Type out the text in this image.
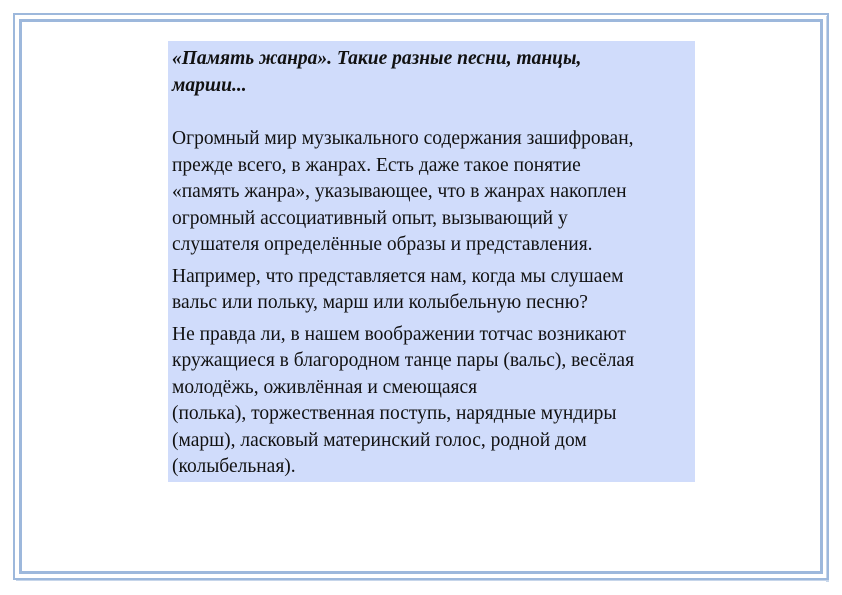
«Память жанра». Такие разные песни, танцы,
марши...

Огромный мир музыкального содержания зашифрован,
прежде всего, в жанрах. Есть даже такое понятие
«память жанра», указывающее, что в жанрах накоплен
огромный ассоциативный опыт, вызывающий у
слушателя определённые образы и представления.

Например, что представляется нам, когда мы слушаем
вальс или польку, марш или колыбельную песню?

Не правда ли, в нашем воображении тотчас возникают
кружащиеся в благородном танце пары (вальс), весёлая
молодёжь, оживлённая и смеющаяся
(полька), торжественная поступь, нарядные мундиры
(марш), ласковый материнский голос, родной дом
(колыбельная).
